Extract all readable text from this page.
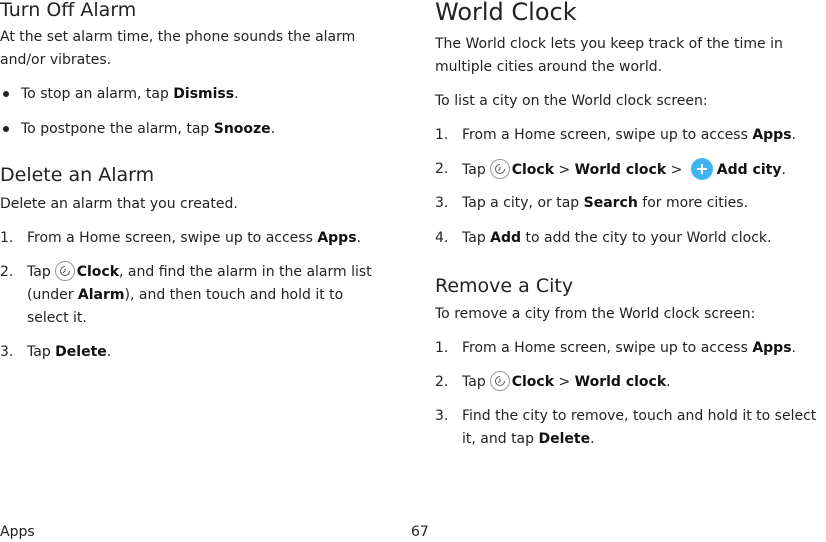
Turn Off Alarm

At the set alarm time, the phone sounds the alarm and/or vibrates.

To stop an alarm, tap Dismiss.

To postpone the alarm, tap Snooze.

Delete an Alarm

Delete an alarm that you created.

1. From a Home screen, swipe up to access Apps.

2. Tap Clock, and find the alarm in the alarm list (under Alarm), and then touch and hold it to select it.

3. Tap Delete.

World Clock

The World clock lets you keep track of the time in multiple cities around the world.

To list a city on the World clock screen:

1. From a Home screen, swipe up to access Apps.

2. Tap Clock > World clock > Add city.

3. Tap a city, or tap Search for more cities.

4. Tap Add to add the city to your World clock.

Remove a City

To remove a city from the World clock screen:

1. From a Home screen, swipe up to access Apps.

2. Tap Clock > World clock.

3. Find the city to remove, touch and hold it to select it, and tap Delete.

Apps	67
